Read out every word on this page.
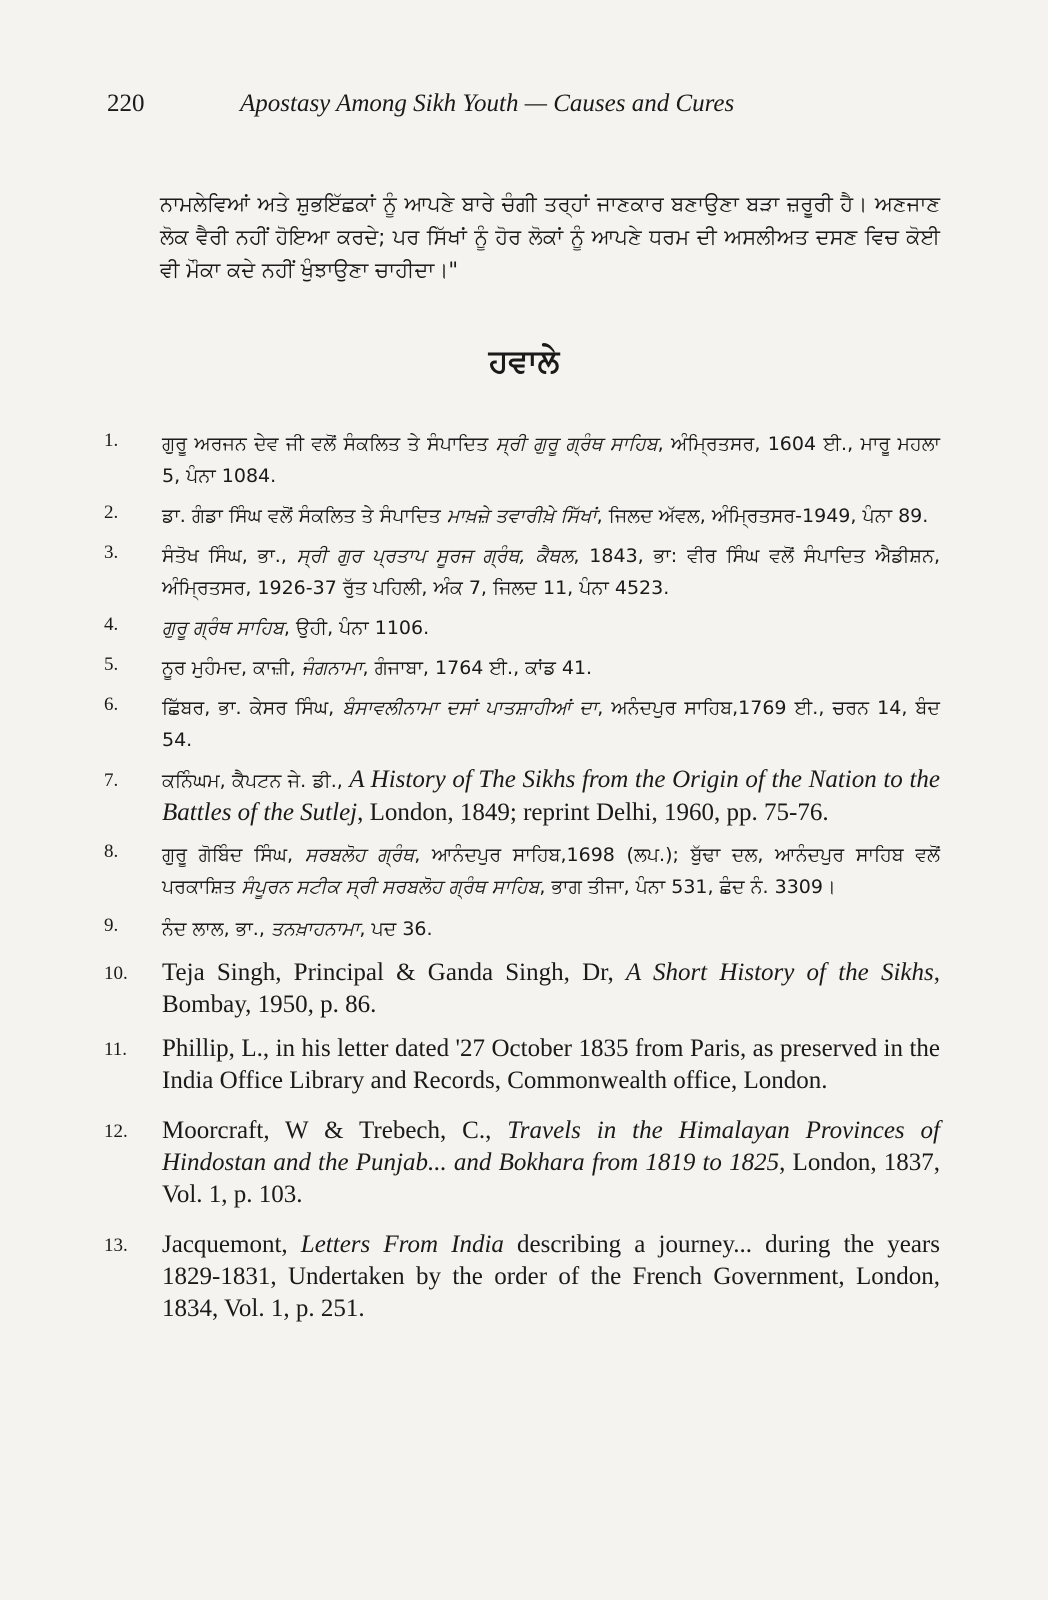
220	Apostasy Among Sikh Youth — Causes and Cures
ਨਾਮਲੇਵਿਆਂ ਅਤੇ ਸ਼ੁਭਇੱਛਕਾਂ ਨੂੰ ਆਪਣੇ ਬਾਰੇ ਚੰਗੀ ਤਰ੍ਹਾਂ ਜਾਣਕਾਰ ਬਣਾਉਣਾ ਬੜਾ ਜ਼ਰੂਰੀ ਹੈ। ਅਣਜਾਣ ਲੋਕ ਵੈਰੀ ਨਹੀਂ ਹੋਇਆ ਕਰਦੇ; ਪਰ ਸਿੱਖਾਂ ਨੂੰ ਹੋਰ ਲੋਕਾਂ ਨੂੰ ਆਪਣੇ ਧਰਮ ਦੀ ਅਸਲੀਅਤ ਦਸਣ ਵਿਚ ਕੋਈ ਵੀ ਮੌਕਾ ਕਦੇ ਨਹੀਂ ਖੁੰਝਾਉਣਾ ਚਾਹੀਦਾ।"
ਹਵਾਲੇ
1. ਗੁਰੂ ਅਰਜਨ ਦੇਵ ਜੀ ਵਲੋਂ ਸੰਕਲਿਤ ਤੇ ਸੰਪਾਦਿਤ ਸ੍ਰੀ ਗੁਰੂ ਗ੍ਰੰਥ ਸਾਹਿਬ, ਅੰਮ੍ਰਿਤਸਰ, 1604 ਈ., ਮਾਰੂ ਮਹਲਾ 5, ਪੰਨਾ 1084.
2. ਡਾ. ਗੰਡਾ ਸਿੰਘ ਵਲੋਂ ਸੰਕਲਿਤ ਤੇ ਸੰਪਾਦਿਤ ਮਾਖ਼ਜ਼ੇ ਤਵਾਰੀਖ਼ੇ ਸਿੱਖਾਂ, ਜਿਲਦ ਅੱਵਲ, ਅੰਮ੍ਰਿਤਸਰ-1949, ਪੰਨਾ 89.
3. ਸੰਤੋਖ ਸਿੰਘ, ਭਾ., ਸ੍ਰੀ ਗੁਰ ਪ੍ਰਤਾਪ ਸੂਰਜ ਗ੍ਰੰਥ, ਕੈਥਲ, 1843, ਭਾ: ਵੀਰ ਸਿੰਘ ਵਲੋਂ ਸੰਪਾਦਿਤ ਐਡੀਸ਼ਨ, ਅੰਮ੍ਰਿਤਸਰ, 1926-37 ਰੁੱਤ ਪਹਿਲੀ, ਅੰਕ 7, ਜਿਲਦ 11, ਪੰਨਾ 4523.
4. ਗੁਰੂ ਗ੍ਰੰਥ ਸਾਹਿਬ, ਉਹੀ, ਪੰਨਾ 1106.
5. ਨੂਰ ਮੁਹੰਮਦ, ਕਾਜ਼ੀ, ਜੰਗਨਾਮਾ, ਗੰਜਾਬਾ, 1764 ਈ., ਕਾਂਡ 41.
6. ਛਿੱਬਰ, ਭਾ. ਕੇਸਰ ਸਿੰਘ, ਬੰਸਾਵਲੀਨਾਮਾ ਦਸਾਂ ਪਾਤਸ਼ਾਹੀਆਂ ਦਾ, ਅਨੰਦਪੁਰ ਸਾਹਿਬ,1769 ਈ., ਚਰਨ 14, ਬੰਦ 54.
7. ਕਨਿੰਘਮ, ਕੈਪਟਨ ਜੇ. ਡੀ., A History of The Sikhs from the Origin of the Nation to the Battles of the Sutlej, London, 1849; reprint Delhi, 1960, pp. 75-76.
8. ਗੁਰੂ ਗੋਬਿੰਦ ਸਿੰਘ, ਸਰਬਲੋਹ ਗ੍ਰੰਥ, ਆਨੰਦਪੁਰ ਸਾਹਿਬ,1698 (ਲਪ.); ਬੁੱਢਾ ਦਲ, ਆਨੰਦਪੁਰ ਸਾਹਿਬ ਵਲੋਂ ਪਰਕਾਸ਼ਿਤ ਸੰਪੂਰਨ ਸਟੀਕ ਸ੍ਰੀ ਸਰਬਲੋਹ ਗ੍ਰੰਥ ਸਾਹਿਬ, ਭਾਗ ਤੀਜਾ, ਪੰਨਾ 531, ਛੰਦ ਨੰ. 3309।
9. ਨੰਦ ਲਾਲ, ਭਾ., ਤਨਖ਼ਾਹਨਾਮਾ, ਪਦ 36.
10. Teja Singh, Principal & Ganda Singh, Dr, A Short History of the Sikhs, Bombay, 1950, p. 86.
11. Phillip, L., in his letter dated '27 October 1835 from Paris, as preserved in the India Office Library and Records, Commonwealth office, London.
12. Moorcraft, W & Trebech, C., Travels in the Himalayan Provinces of Hindostan and the Punjab... and Bokhara from 1819 to 1825, London, 1837, Vol. 1, p. 103.
13. Jacquemont, Letters From India describing a journey... during the years 1829-1831, Undertaken by the order of the French Government, London, 1834, Vol. 1, p. 251.
